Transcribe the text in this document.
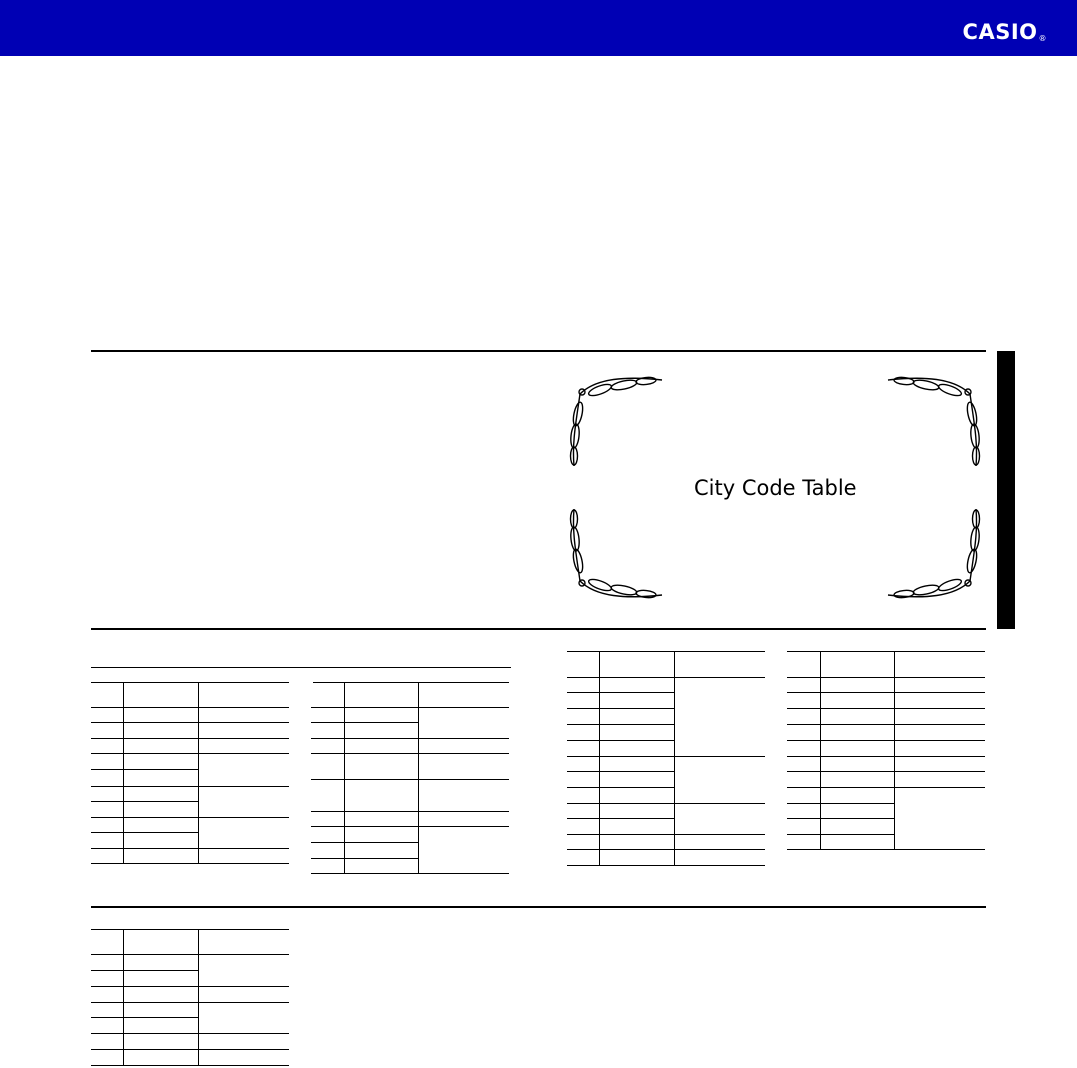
CASIO®
City Code Table
